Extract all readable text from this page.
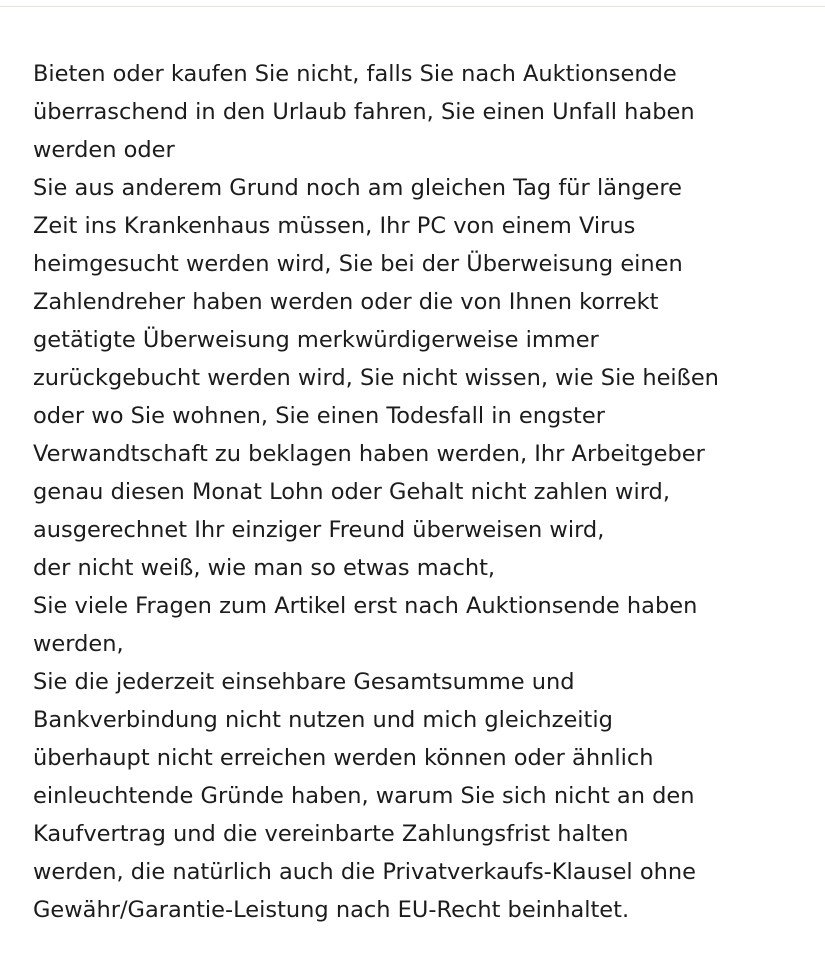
Bieten oder kaufen Sie nicht, falls Sie nach Auktionsende
überraschend in den Urlaub fahren, Sie einen Unfall haben
werden oder
Sie aus anderem Grund noch am gleichen Tag für längere
Zeit ins Krankenhaus müssen, Ihr PC von einem Virus
heimgesucht werden wird, Sie bei der Überweisung einen
Zahlendreher haben werden oder die von Ihnen korrekt
getätigte Überweisung merkwürdigerweise immer
zurückgebucht werden wird, Sie nicht wissen, wie Sie heißen
oder wo Sie wohnen, Sie einen Todesfall in engster
Verwandtschaft zu beklagen haben werden, Ihr Arbeitgeber
genau diesen Monat Lohn oder Gehalt nicht zahlen wird,
ausgerechnet Ihr einziger Freund überweisen wird,
der nicht weiß, wie man so etwas macht,
Sie viele Fragen zum Artikel erst nach Auktionsende haben
werden,
Sie die jederzeit einsehbare Gesamtsumme und
Bankverbindung nicht nutzen und mich gleichzeitig
überhaupt nicht erreichen werden können oder ähnlich
einleuchtende Gründe haben, warum Sie sich nicht an den
Kaufvertrag und die vereinbarte Zahlungsfrist halten
werden, die natürlich auch die Privatverkaufs-Klausel ohne
Gewähr/Garantie-Leistung nach EU-Recht beinhaltet.
